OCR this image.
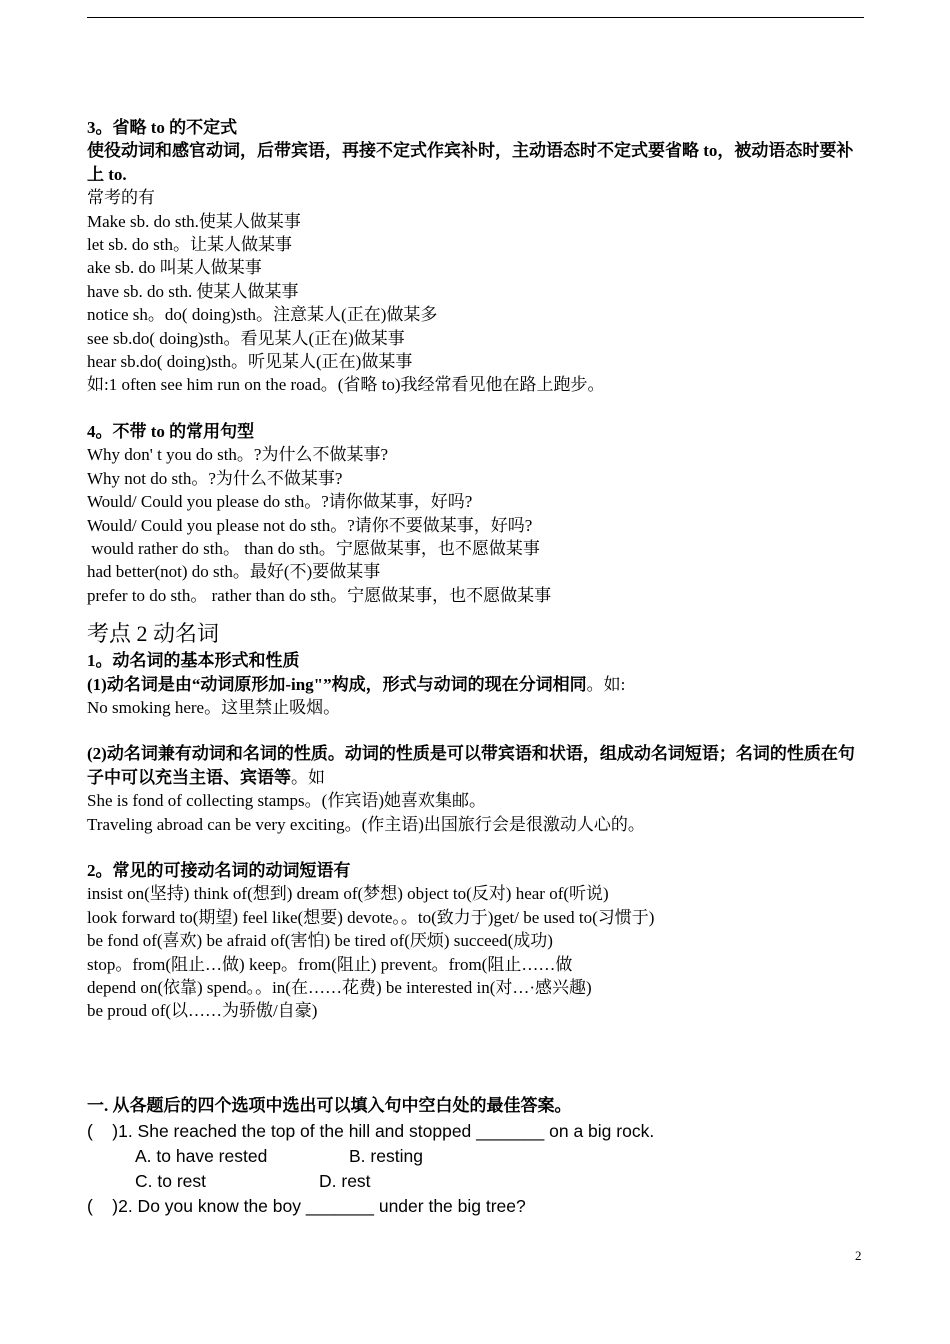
3。省略 to 的不定式
使役动词和感官动词，后带宾语，再接不定式作宾补时，主动语态时不定式要省略 to，被动语态时要补上 to.
常考的有
Make sb. do sth.使某人做某事
let sb. do sth。让某人做某事
ake sb. do 叫某人做某事
have sb. do sth. 使某人做某事
notice sh。do( doing)sth。注意某人(正在)做某多
see sb.do( doing)sth。看见某人(正在)做某事
hear sb.do( doing)sth。听见某人(正在)做某事
如:1 often see him run on the road。(省略 to)我经常看见他在路上跑步。
4。不带 to 的常用句型
Why don' t you do sth。?为什么不做某事?
Why not do sth。?为什么不做某事?
Would/ Could you please do sth。?请你做某事，好吗?
Would/ Could you please not do sth。?请你不要做某事，好吗?
would rather do sth。 than do sth。宁愿做某事，也不愿做某事
had better(not) do sth。最好(不)要做某事
prefer to do sth。 rather than do sth。宁愿做某事，也不愿做某事
考点 2 动名词
1。动名词的基本形式和性质
(1)动名词是由“动词原形加-ing"”构成，形式与动词的现在分词相同。如:
No smoking here。这里禁止吸烟。
(2)动名词兼有动词和名词的性质。动词的性质是可以带宾语和状语，组成动名词短语；名词的性质在句子中可以充当主语、宾语等。如
She is fond of collecting stamps。(作宾语)她喜欢集邮。
Traveling abroad can be very exciting。(作主语)出国旅行会是很激动人心的。
2。常见的可接动名词的动词短语有
insist on(坚持) think of(想到) dream of(梦想) object to(反对) hear of(听说)
look forward to(期望) feel like(想要) devote。。to(致力于)get/ be used to(习惯于)
be fond of(喜欢) be afraid of(害怕) be tired of(厌烦) succeed(成功)
stop。from(阻止…做) keep。from(阻止) prevent。from(阻止……做
depend on(依靠) spend。。in(在……花费) be interested in(对…·感兴趣)
be proud of(以……为骄傲/自豪)
一. 从各题后的四个选项中选出可以填入句中空白处的最佳答案。
(    )1. She reached the top of the hill and stopped _______ on a big rock.
A. to have rested	B. resting
C. to rest	D. rest
(    )2. Do you know the boy _______ under the big tree?
2
